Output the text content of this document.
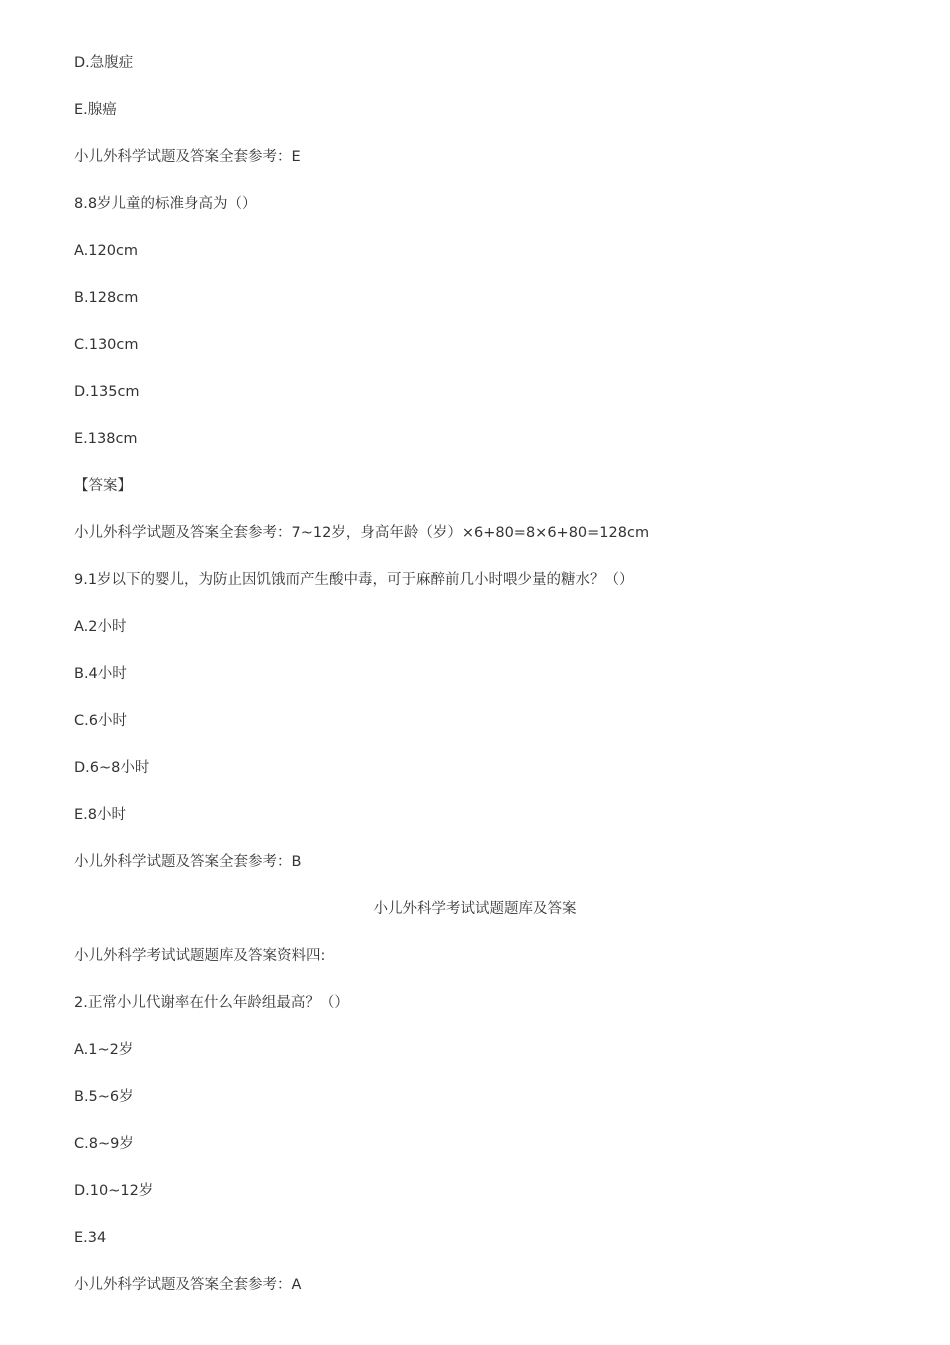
D.急腹症
E.腺癌
小儿外科学试题及答案全套参考：E
8.8岁儿童的标准身高为（）
A.120cm
B.128cm
C.130cm
D.135cm
E.138cm
【答案】
小儿外科学试题及答案全套参考：7~12岁，身高年龄（岁）×6+80=8×6+80=128cm
9.1岁以下的婴儿，为防止因饥饿而产生酸中毒，可于麻醉前几小时喂少量的糖水？（）
A.2小时
B.4小时
C.6小时
D.6~8小时
E.8小时
小儿外科学试题及答案全套参考：B
小儿外科学考试试题题库及答案
小儿外科学考试试题题库及答案资料四:
2.正常小儿代谢率在什么年龄组最高？（）
A.1~2岁
B.5~6岁
C.8~9岁
D.10~12岁
E.34
小儿外科学试题及答案全套参考：A
